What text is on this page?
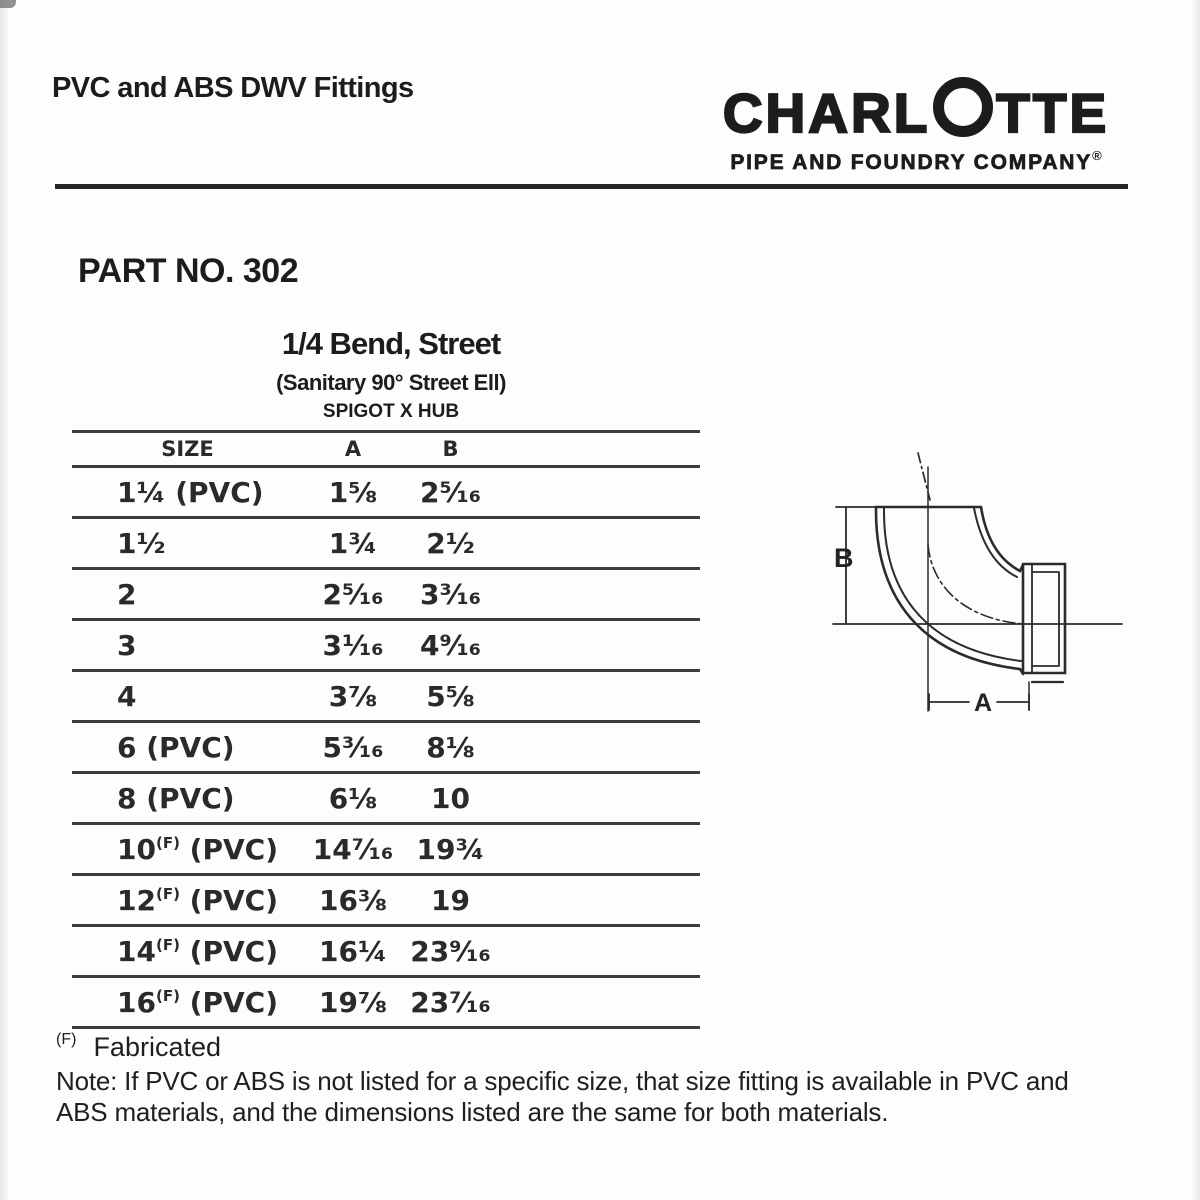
PVC and ABS DWV Fittings	CHARL TTE
PIPE AND FOUNDRY COMPANY®
PART NO. 302
1/4 Bend, Street
(Sanitary 90° Street Ell)
SPIGOT X HUB
SIZE	A	B
1¼ (PVC)	1⅝	2⁵⁄₁₆
1½	1¾	2½
2	2⁵⁄₁₆	3³⁄₁₆
3	3¹⁄₁₆	4⁹⁄₁₆
4	3⅞	5⅝
6 (PVC)	5³⁄₁₆	8⅛
8 (PVC)	6⅛	10
$10^{(F)}$ (PVC)	14⁷⁄₁₆ 19¾
$12^{(F)}$ (PVC)	16⅜	19
$14^{(F)}$ (PVC)	16¼ 23⁹⁄₁₆
$16^{(F)}$ (PVC)	19⅞ 23⁷⁄₁₆
B
A
(F) Fabricated
Note: If PVC or ABS is not listed for a specific size, that size fitting is available in PVC and
ABS materials, and the dimensions listed are the same for both materials.
